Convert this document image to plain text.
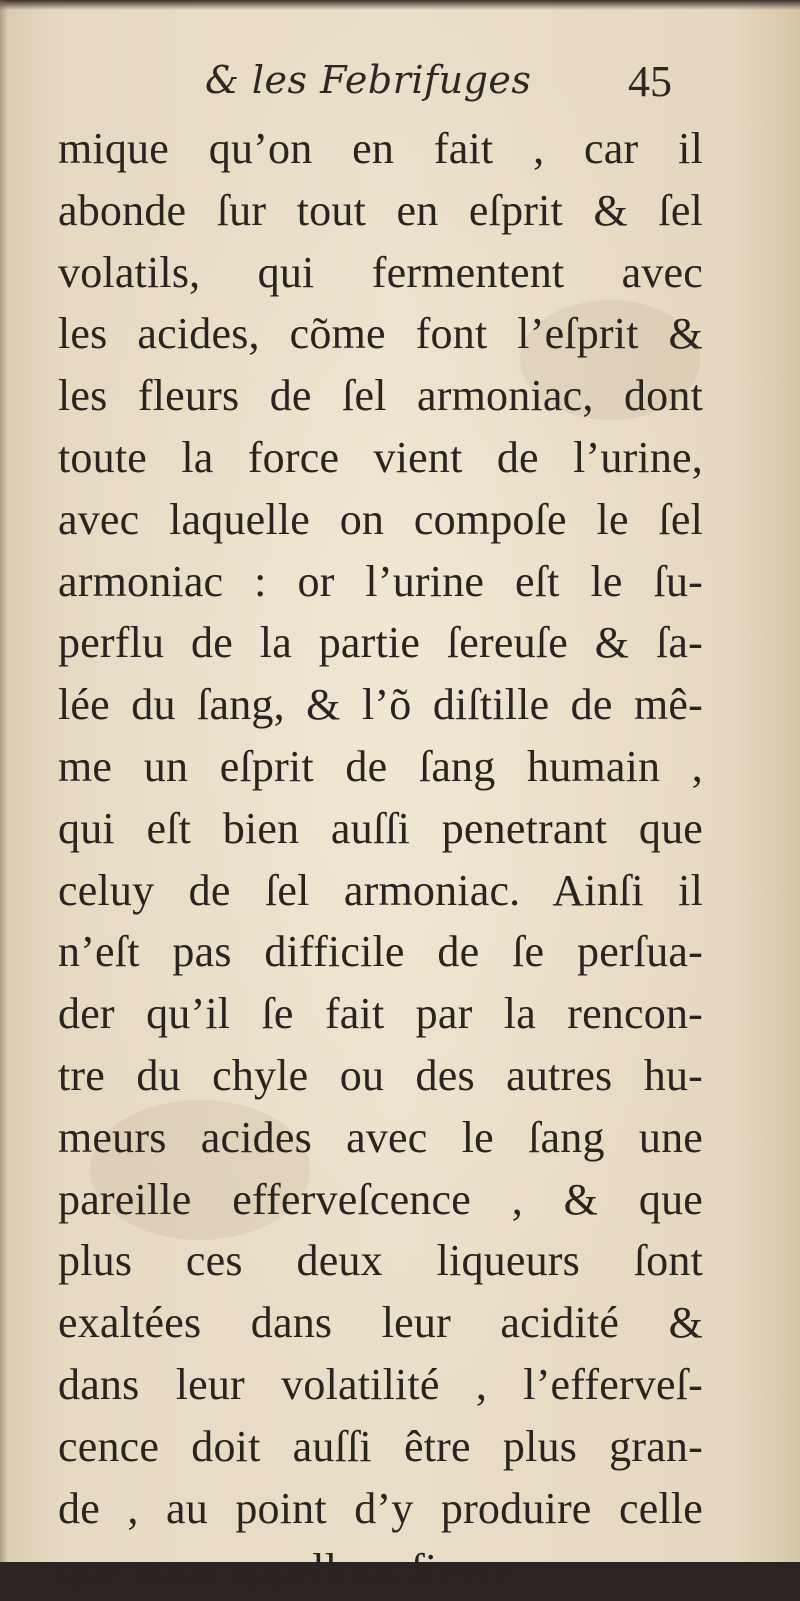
& les Febrifuges 45
mique qu’on en fait , car il
abonde ſur tout en eſprit & ſel
volatils, qui fermentent avec
les acides, cõme font l’eſprit &
les fleurs de ſel armoniac, dont
toute la force vient de l’urine,
avec laquelle on compoſe le ſel
armoniac : or l’urine eſt le ſu-
perflu de la partie ſereuſe & ſa-
lée du ſang, & l’õ diſtille de mê-
me un eſprit de ſang humain ,
qui eſt bien auſſi penetrant que
celuy de ſel armoniac. Ainſi il
n’eſt pas difficile de ſe perſua-
der qu’il ſe fait par la rencon-
tre du chyle ou des autres hu-
meurs acides avec le ſang une
pareille efferveſcence , & que
plus ces deux liqueurs ſont
exaltées dans leur acidité &
dans leur volatilité , l’efferveſ-
cence doit auſſi être plus gran-
de , au point d’y produire celle
que nous appellons fievre.
